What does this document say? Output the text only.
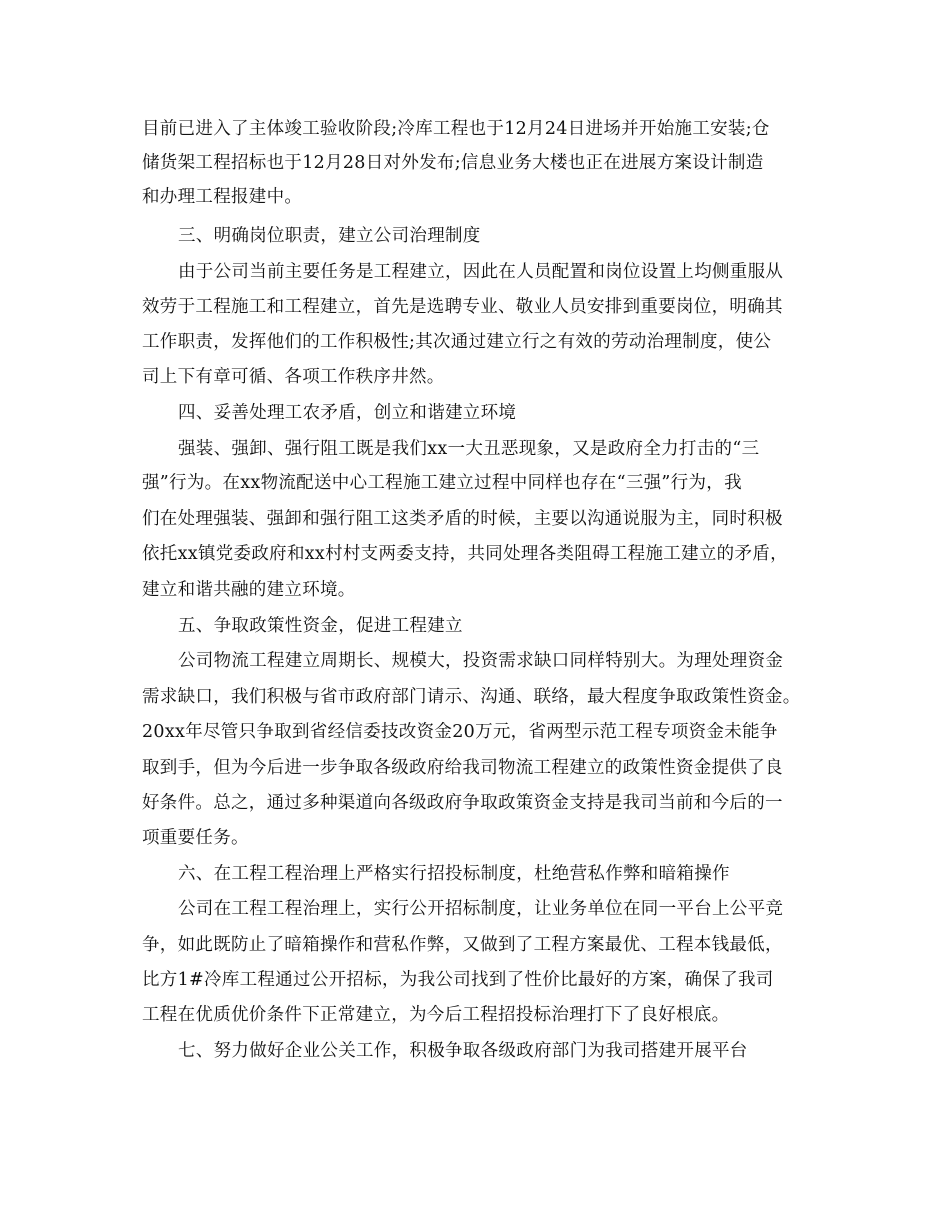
目前已进入了主体竣工验收阶段;冷库工程也于12月24日进场并开始施工安装;仓
储货架工程招标也于12月28日对外发布;信息业务大楼也正在进展方案设计制造
和办理工程报建中。
三、明确岗位职责，建立公司治理制度
由于公司当前主要任务是工程建立，因此在人员配置和岗位设置上均侧重服从
效劳于工程施工和工程建立，首先是选聘专业、敬业人员安排到重要岗位，明确其
工作职责，发挥他们的工作积极性;其次通过建立行之有效的劳动治理制度，使公
司上下有章可循、各项工作秩序井然。
四、妥善处理工农矛盾，创立和谐建立环境
强装、强卸、强行阻工既是我们xx一大丑恶现象，又是政府全力打击的“三
强”行为。在xx物流配送中心工程施工建立过程中同样也存在“三强”行为，我
们在处理强装、强卸和强行阻工这类矛盾的时候，主要以沟通说服为主，同时积极
依托xx镇党委政府和xx村村支两委支持，共同处理各类阻碍工程施工建立的矛盾，
建立和谐共融的建立环境。
五、争取政策性资金，促进工程建立
公司物流工程建立周期长、规模大，投资需求缺口同样特别大。为理处理资金
需求缺口，我们积极与省市政府部门请示、沟通、联络，最大程度争取政策性资金。
20xx年尽管只争取到省经信委技改资金20万元，省两型示范工程专项资金未能争
取到手，但为今后进一步争取各级政府给我司物流工程建立的政策性资金提供了良
好条件。总之，通过多种渠道向各级政府争取政策资金支持是我司当前和今后的一
项重要任务。
六、在工程工程治理上严格实行招投标制度，杜绝营私作弊和暗箱操作
公司在工程工程治理上，实行公开招标制度，让业务单位在同一平台上公平竞
争，如此既防止了暗箱操作和营私作弊，又做到了工程方案最优、工程本钱最低，
比方1#冷库工程通过公开招标，为我公司找到了性价比最好的方案，确保了我司
工程在优质优价条件下正常建立，为今后工程招投标治理打下了良好根底。
七、努力做好企业公关工作，积极争取各级政府部门为我司搭建开展平台
